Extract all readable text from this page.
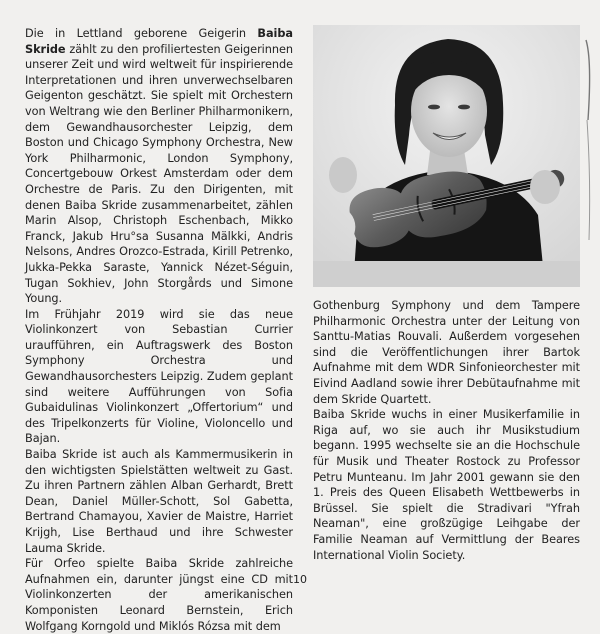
Die in Lettland geborene Geigerin Baiba Skride zählt zu den profiliertesten Geigerinnen unserer Zeit und wird weltweit für inspirierende Interpretationen und ihren unverwechselbaren Geigenton geschätzt. Sie spielt mit Orchestern von Weltrang wie den Berliner Philharmonikern, dem Gewandhausorchester Leipzig, dem Boston und Chicago Symphony Orchestra, New York Philharmonic, London Symphony, Concertgebouw Orkest Amsterdam oder dem Orchestre de Paris. Zu den Dirigenten, mit denen Baiba Skride zusammenarbeitet, zählen Marin Alsop, Christoph Eschenbach, Mikko Franck, Jakub Hru°sa Susanna Mälkki, Andris Nelsons, Andres Orozco-Estrada, Kirill Petrenko, Jukka-Pekka Saraste, Yannick Nézet-Séguin, Tugan Sokhiev, John Storgårds und Simone Young.

Im Frühjahr 2019 wird sie das neue Violinkonzert von Sebastian Currier uraufführen, ein Auftragswerk des Boston Symphony Orchestra und Gewandhausorchesters Leipzig. Zudem geplant sind weitere Aufführungen von Sofia Gubaidulinas Violinkonzert „Offertorium“ und des Tripelkonzerts für Violine, Violoncello und Bajan.

Baiba Skride ist auch als Kammermusikerin in den wichtigsten Spielstätten weltweit zu Gast. Zu ihren Partnern zählen Alban Gerhardt, Brett Dean, Daniel Müller-Schott, Sol Gabetta, Bertrand Chamayou, Xavier de Maistre, Harriet Krijgh, Lise Berthaud und ihre Schwester Lauma Skride.

Für Orfeo spielte Baiba Skride zahlreiche Aufnahmen ein, darunter jüngst eine CD mit Violinkonzerten der amerikanischen Komponisten Leonard Bernstein, Erich Wolfgang Korngold und Miklós Rózsa mit dem

Gothenburg Symphony und dem Tampere Philharmonic Orchestra unter der Leitung von Santtu-Matias Rouvali. Außerdem vorgesehen sind die Veröffentlichungen ihrer Bartok Aufnahme mit dem WDR Sinfonieorchester mit Eivind Aadland sowie ihrer Debütaufnahme mit dem Skride Quartett.

Baiba Skride wuchs in einer Musikerfamilie in Riga auf, wo sie auch ihr Musikstudium begann. 1995 wechselte sie an die Hochschule für Musik und Theater Rostock zu Professor Petru Munteanu. Im Jahr 2001 gewann sie den 1. Preis des Queen Elisabeth Wettbewerbs in Brüssel. Sie spielt die Stradivari "Yfrah Neaman", eine großzügige Leihgabe der Familie Neaman auf Vermittlung der Beares International Violin Society.

10
